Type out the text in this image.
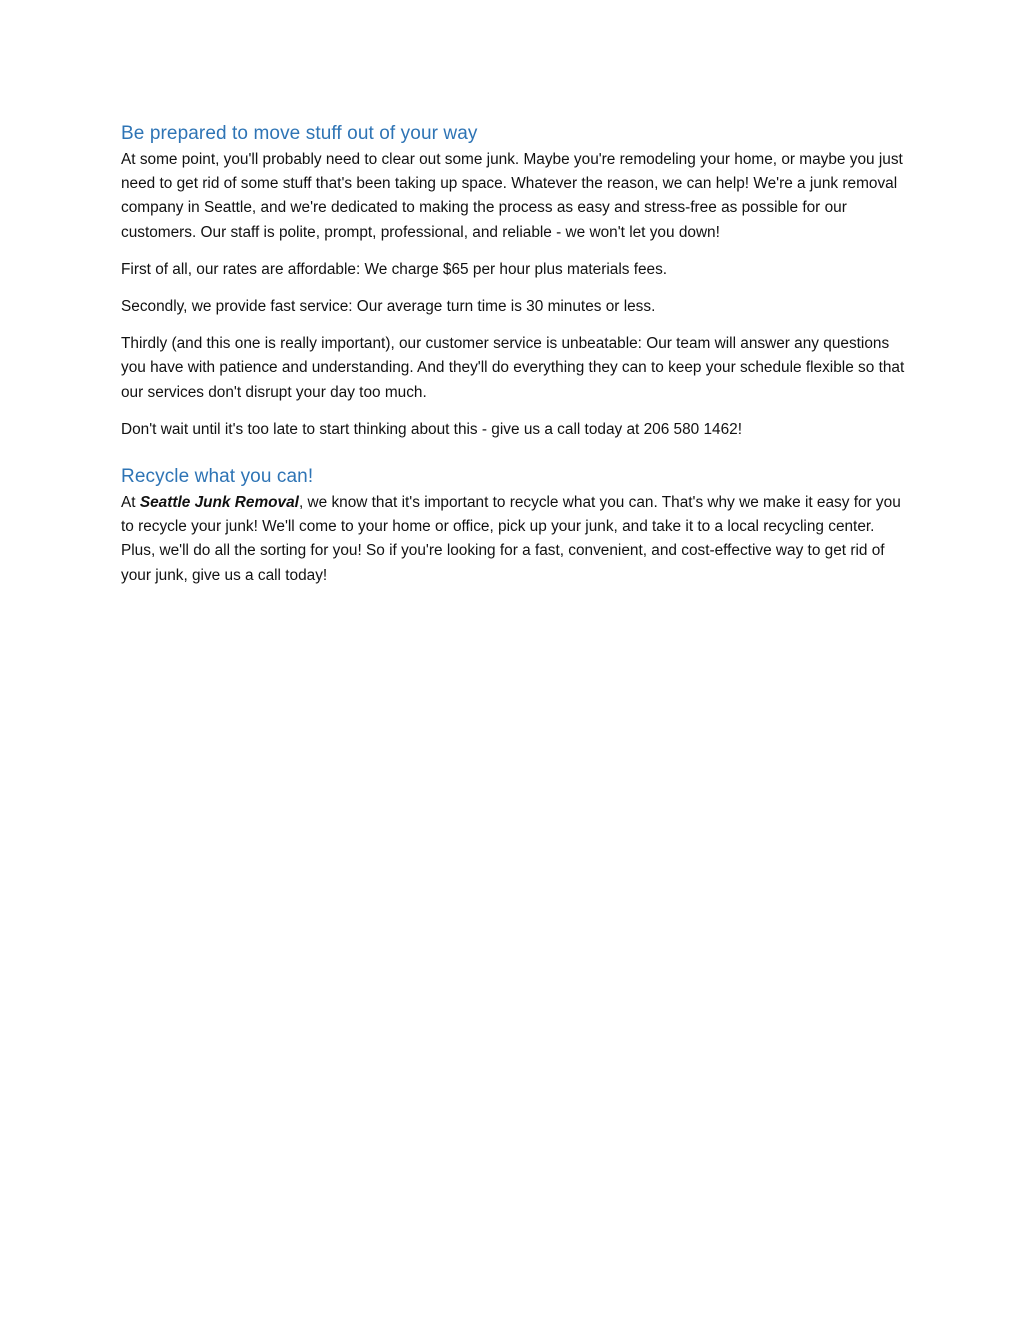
Be prepared to move stuff out of your way

At some point, you'll probably need to clear out some junk. Maybe you're remodeling your home, or maybe you just need to get rid of some stuff that's been taking up space. Whatever the reason, we can help! We're a junk removal company in Seattle, and we're dedicated to making the process as easy and stress-free as possible for our customers. Our staff is polite, prompt, professional, and reliable - we won't let you down!

First of all, our rates are affordable: We charge $65 per hour plus materials fees.

Secondly, we provide fast service: Our average turn time is 30 minutes or less.

Thirdly (and this one is really important), our customer service is unbeatable: Our team will answer any questions you have with patience and understanding. And they'll do everything they can to keep your schedule flexible so that our services don't disrupt your day too much.

Don't wait until it's too late to start thinking about this - give us a call today at 206 580 1462!

Recycle what you can!

At Seattle Junk Removal, we know that it's important to recycle what you can. That's why we make it easy for you to recycle your junk! We'll come to your home or office, pick up your junk, and take it to a local recycling center. Plus, we'll do all the sorting for you! So if you're looking for a fast, convenient, and cost-effective way to get rid of your junk, give us a call today!
